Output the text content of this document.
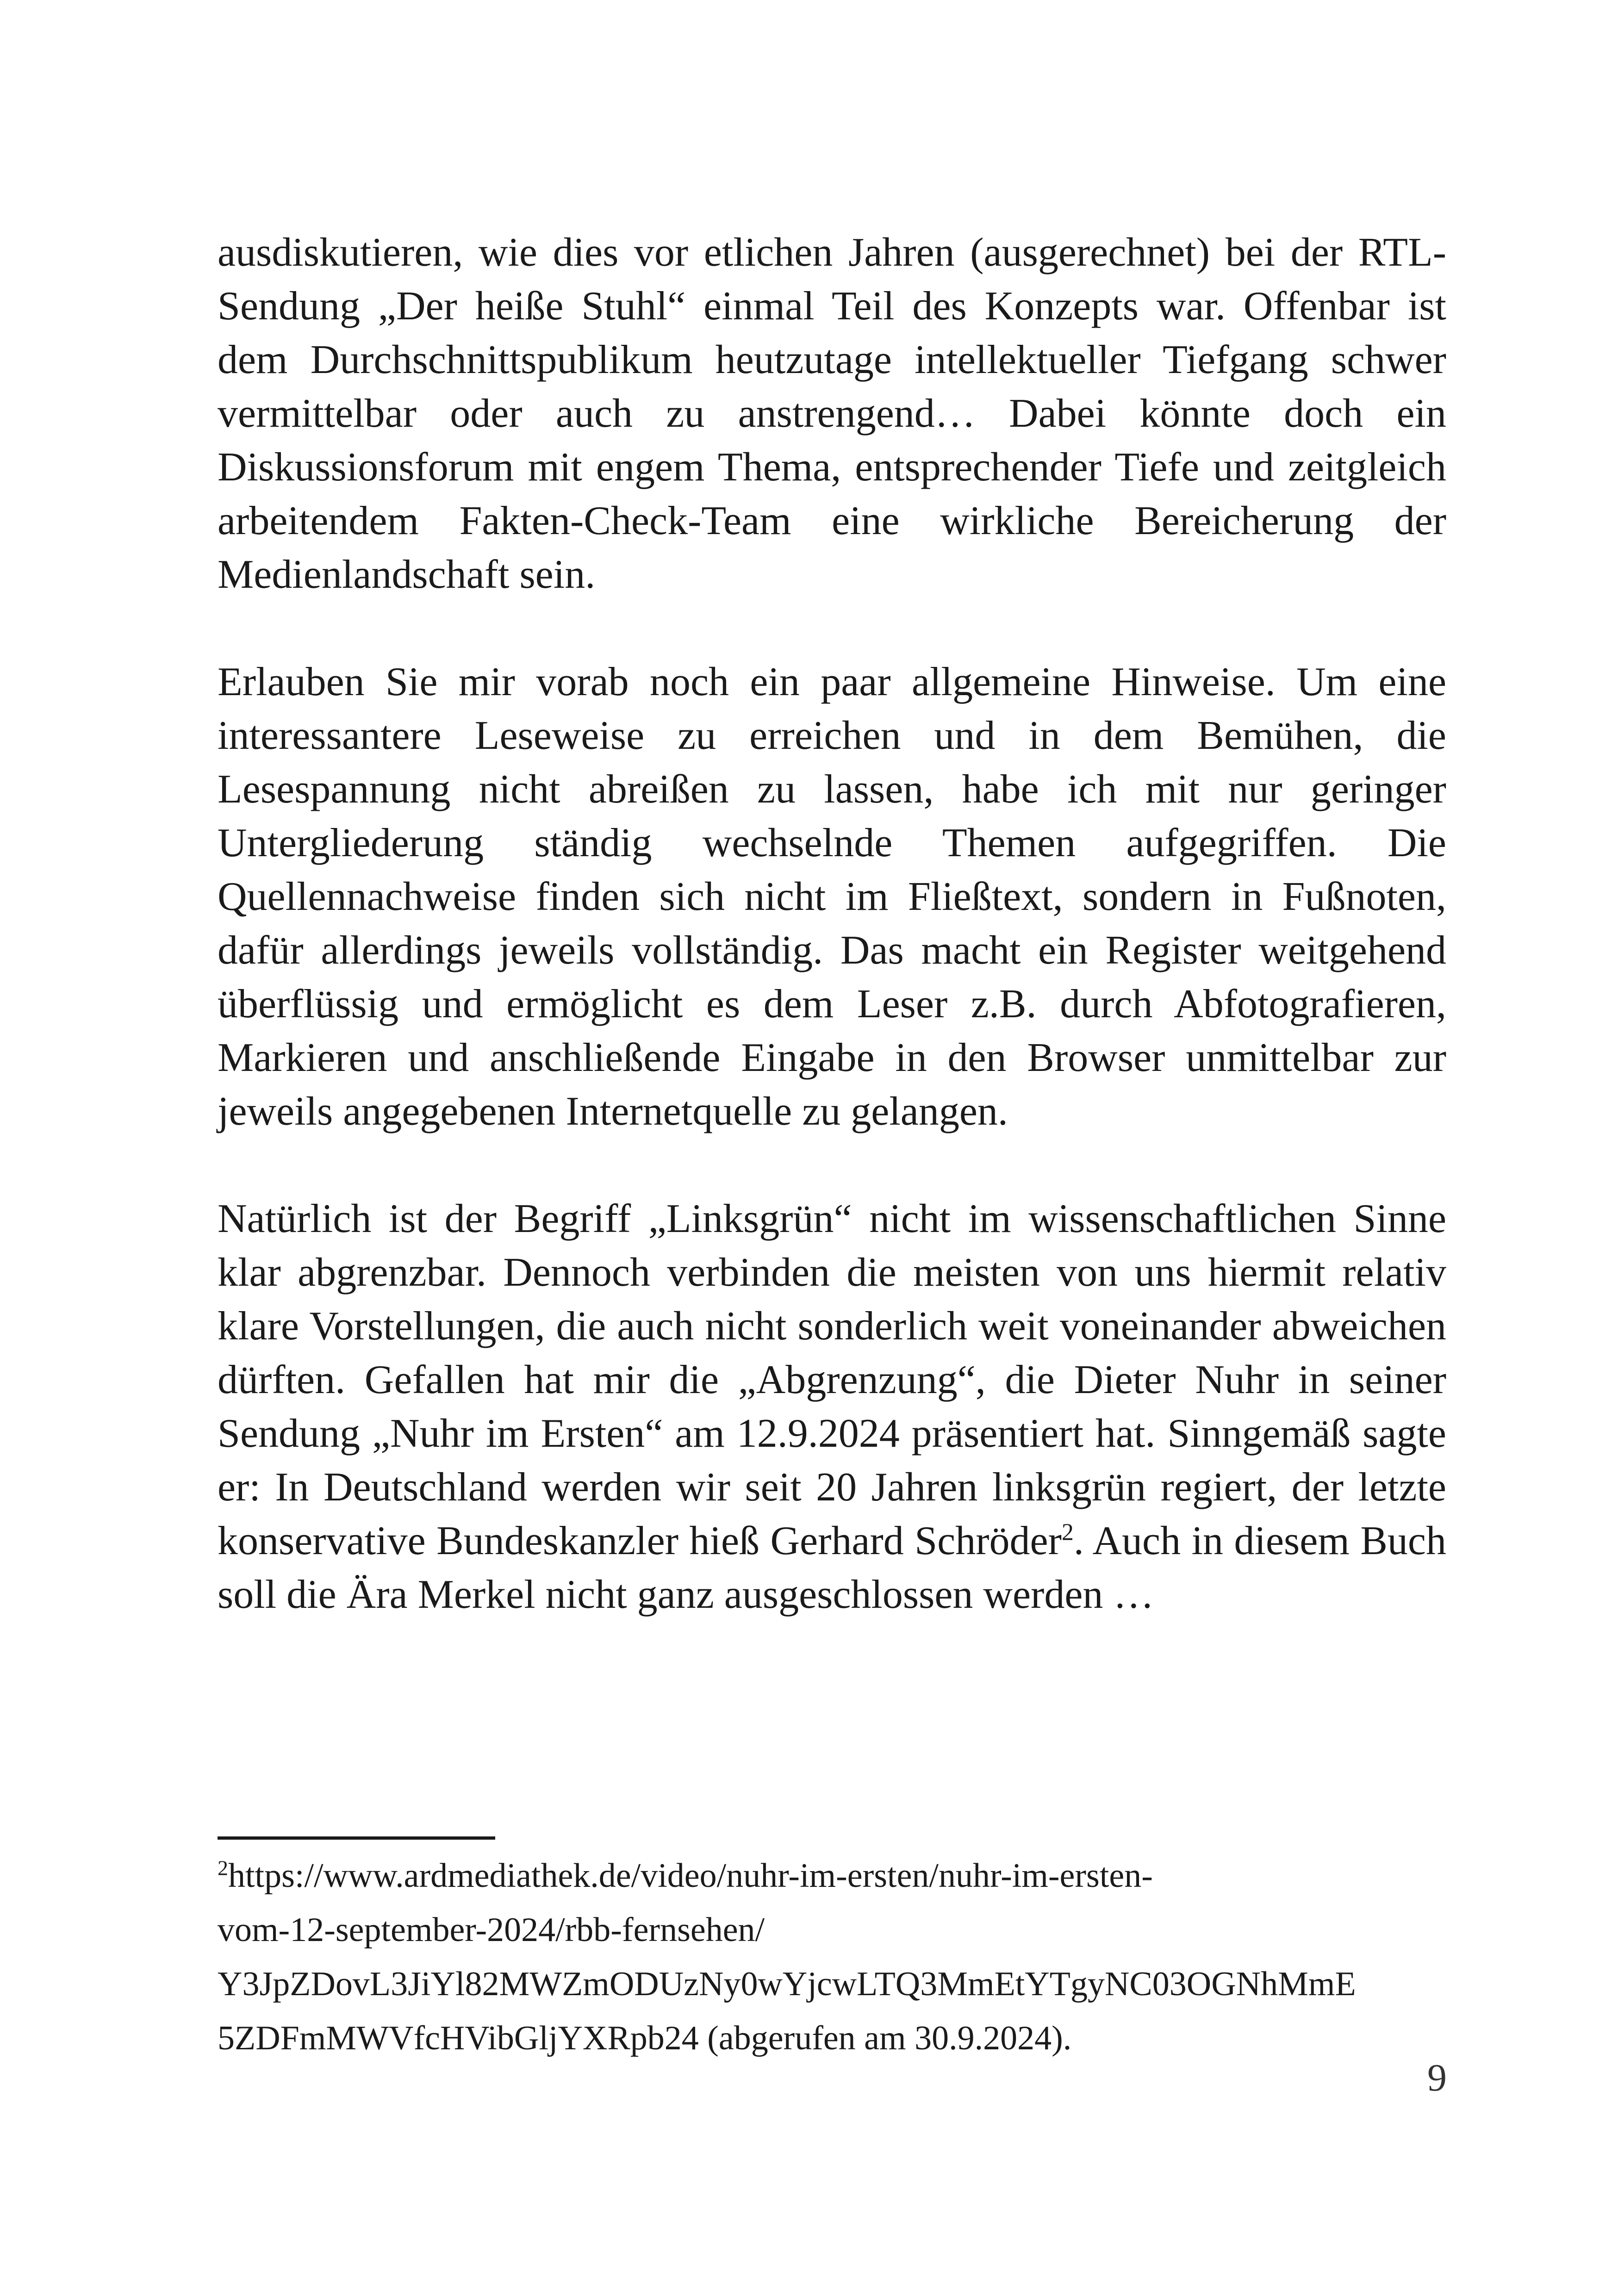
ausdiskutieren, wie dies vor etlichen Jahren (ausgerechnet) bei der RTL-Sendung „Der heiße Stuhl“ einmal Teil des Konzepts war. Offenbar ist dem Durchschnittspublikum heutzutage intellektueller Tiefgang schwer vermittelbar oder auch zu anstrengend… Dabei könnte doch ein Diskussionsforum mit engem Thema, entsprechender Tiefe und zeitgleich arbeitendem Fakten-Check-Team eine wirkliche Bereicherung der Medienlandschaft sein.

Erlauben Sie mir vorab noch ein paar allgemeine Hinweise. Um eine interessantere Leseweise zu erreichen und in dem Bemühen, die Lesespannung nicht abreißen zu lassen, habe ich mit nur geringer Untergliederung ständig wechselnde Themen aufgegriffen. Die Quellennachweise finden sich nicht im Fließtext, sondern in Fußnoten, dafür allerdings jeweils vollständig. Das macht ein Register weitgehend überflüssig und ermöglicht es dem Leser z.B. durch Abfotografieren, Markieren und anschließende Eingabe in den Browser unmittelbar zur jeweils angegebenen Internetquelle zu gelangen.

Natürlich ist der Begriff „Linksgrün“ nicht im wissenschaftlichen Sinne klar abgrenzbar. Dennoch verbinden die meisten von uns hiermit relativ klare Vorstellungen, die auch nicht sonderlich weit voneinander abweichen dürften. Gefallen hat mir die „Abgrenzung“, die Dieter Nuhr in seiner Sendung „Nuhr im Ersten“ am 12.9.2024 präsentiert hat. Sinngemäß sagte er: In Deutschland werden wir seit 20 Jahren linksgrün regiert, der letzte konservative Bundeskanzler hieß Gerhard Schröder$^2$. Auch in diesem Buch soll die Ära Merkel nicht ganz ausgeschlossen werden …

$^2$https://www.ardmediathek.de/video/nuhr-im-ersten/nuhr-im-ersten-
vom-12-september-2024/rbb-fernsehen/
Y3JpZDovL3JiYl82MWZmODUzNy0wYjcwLTQ3MmEtYTgyNC03OGNhMmE
5ZDFmMWVfcHVibGljYXRpb24 (abgerufen am 30.9.2024).
9
